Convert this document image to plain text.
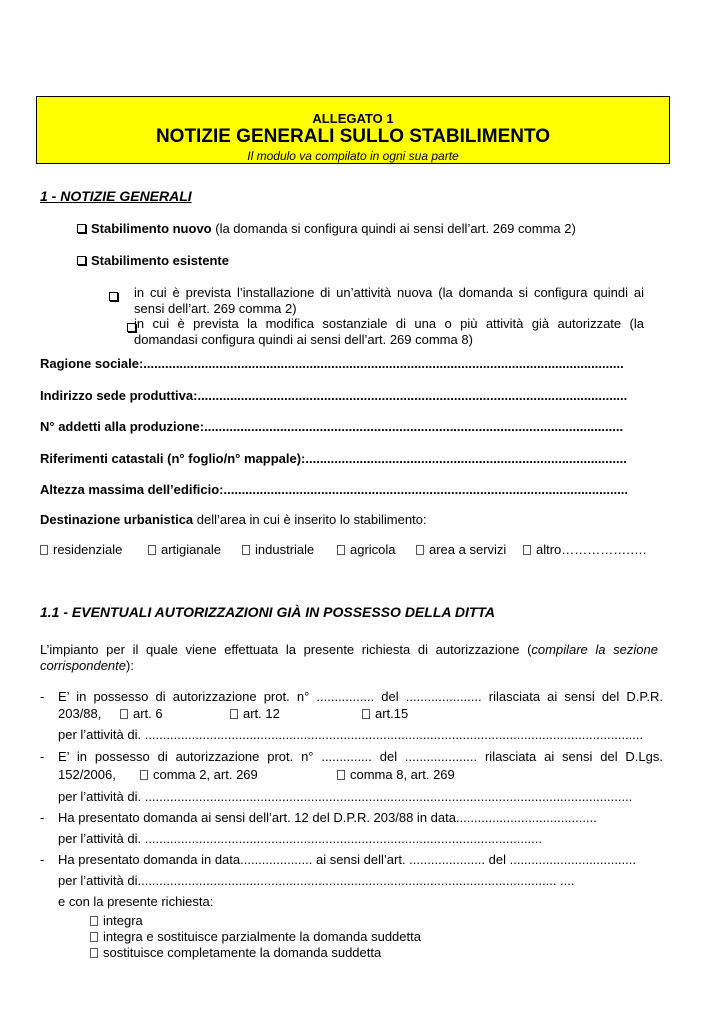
ALLEGATO 1
NOTIZIE GENERALI SULLO STABILIMENTO
Il modulo va compilato in ogni sua parte
1 - NOTIZIE GENERALI
Stabilimento nuovo (la domanda si configura quindi ai sensi dell’art. 269 comma 2)
Stabilimento esistente

in cui è prevista l’installazione di un’attività nuova (la domanda si configura quindi ai
sensi dell’art. 269 comma 2)
in cui è prevista la modifica sostanziale di una o più attività già autorizzate (la
domandasi configura quindi ai sensi dell’art. 269 comma 8)
Ragione sociale:.....................................................................................................................................
Indirizzo sede produttiva:.......................................................................................................................
N° addetti alla produzione:....................................................................................................................
Riferimenti catastali (n° foglio/n° mappale):.........................................................................................
Altezza massima dell’edificio:................................................................................................................
Destinazione urbanistica dell’area in cui è inserito lo stabilimento:
residenziale	artigianale	industriale	agricola	area a servizi	altro…………….….
1.1 - EVENTUALI AUTORIZZAZIONI GIÀ IN POSSESSO DELLA DITTA
L’impianto per il quale viene effettuata la presente richiesta di autorizzazione (compilare la sezione
corrispondente):
- E’ in possesso di autorizzazione prot. n° ................ del ..................... rilasciata ai sensi del D.P.R.
203/88,	art. 6	art. 12	art.15
per l’attività di. ..........................................................................................................................................
- E’ in possesso di autorizzazione prot. n° .............. del .................... rilasciata ai sensi del D.Lgs.
152/2006,	comma 2, art. 269	comma 8, art. 269
per l’attività di. .......................................................................................................................................
- Ha presentato domanda ai sensi dell’art. 12 del D.P.R. 203/88 in data.......................................
per l’attività di. ..............................................................................................................
- Ha presentato domanda in data.................... ai sensi dell’art. ..................... del ...................................
per l’attività di.................................................................................................................... ....
e con la presente richiesta:
integra
integra e sostituisce parzialmente la domanda suddetta
sostituisce completamente la domanda suddetta
